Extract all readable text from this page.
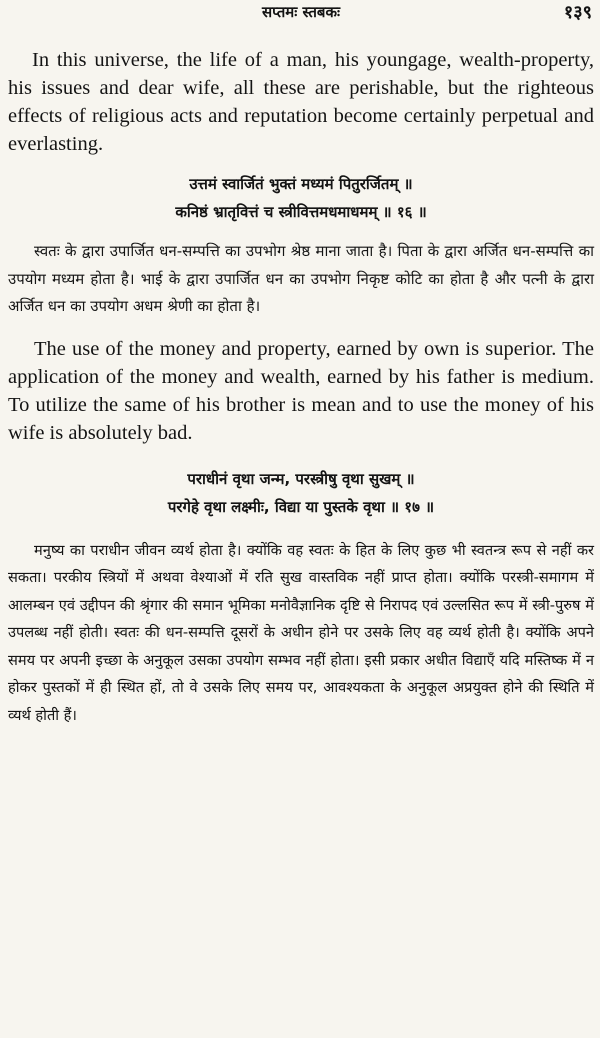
सप्तमः स्तबकः	१३९

In this universe, the life of a man, his youngage, wealth-property, his issues and dear wife, all these are perishable, but the righteous effects of religious acts and reputation become certainly perpetual and everlasting.

उत्तमं स्वार्जितं भुक्तं मध्यमं पितुरर्जितम् ॥

कनिष्ठं भ्रातृवित्तं च स्त्रीवित्तमधमाधमम् ॥ १६ ॥

स्वतः के द्वारा उपार्जित धन-सम्पत्ति का उपभोग श्रेष्ठ माना जाता है। पिता के द्वारा अर्जित धन-सम्पत्ति का उपयोग मध्यम होता है। भाई के द्वारा उपार्जित धन का उपभोग निकृष्ट कोटि का होता है और पत्नी के द्वारा अर्जित धन का उपयोग अधम श्रेणी का होता है।

The use of the money and property, earned by own is superior. The application of the money and wealth, earned by his father is medium. To utilize the same of his brother is mean and to use the money of his wife is absolutely bad.

पराधीनं वृथा जन्म, परस्त्रीषु वृथा सुखम् ॥

परगेहे वृथा लक्ष्मीः, विद्या या पुस्तके वृथा ॥ १७ ॥

मनुष्य का पराधीन जीवन व्यर्थ होता है। क्योंकि वह स्वतः के हित के लिए कुछ भी स्वतन्त्र रूप से नहीं कर सकता। परकीय स्त्रियों में अथवा वेश्याओं में रति सुख वास्तविक नहीं प्राप्त होता। क्योंकि परस्त्री-समागम में आलम्बन एवं उद्दीपन की श्रृंगार की समान भूमिका मनोवैज्ञानिक दृष्टि से निरापद एवं उल्लसित रूप में स्त्री-पुरुष में उपलब्ध नहीं होती। स्वतः की धन-सम्पत्ति दूसरों के अधीन होने पर उसके लिए वह व्यर्थ होती है। क्योंकि अपने समय पर अपनी इच्छा के अनुकूल उसका उपयोग सम्भव नहीं होता। इसी प्रकार अधीत विद्याएँ यदि मस्तिष्क में न होकर पुस्तकों में ही स्थित हों, तो वे उसके लिए समय पर, आवश्यकता के अनुकूल अप्रयुक्त होने की स्थिति में व्यर्थ होती हैं।
